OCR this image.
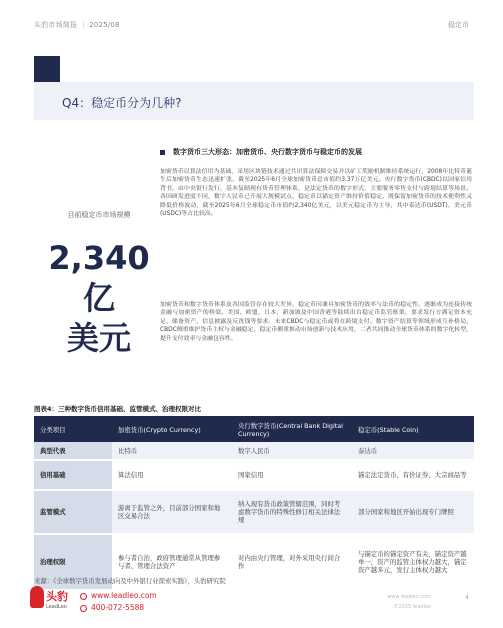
头豹市场简报 ｜ 2025/08	稳定币
Q4：稳定币分为几种?
目前稳定币市场规模
2,340亿
美元
数字货币三大形态：加密货币、央行数字货币与稳定币的发展
加密货币以算法信用为基础，采用区块链技术通过共识算法保障交易并以矿工奖励机制维持系统运行，2008年比特币诞生后加密货币生态迅速扩张，截至2025年6月全球加密货币总市值约3.37万亿美元。央行数字货币(CBDC)以国家信用背书，由中央银行发行，基本复制现有货币管理体系，是法定货币的数字形式，主要服务零售支付与跨境结算等场景。各国研发进度不同，数字人民币已开展大规模试点。稳定币以锚定资产维持价值稳定，既保留加密货币的技术便利性又降低价格波动，截至2025年6月全球稳定币市值约2,340亿美元，以美元稳定币为主导，其中泰达币(USDT)、美元币(USDC)等占比较高。
加密货币和数字货币体系及各国监管存在较大差异，稳定币因兼具加密货币的效率与法币的稳定性，逐渐成为连接传统金融与加密资产的桥梁。美国、欧盟、日本、新加坡及中国香港等陆续出台稳定币监管框架，要求发行方满足资本充足、储备资产、信息披露及反洗钱等要求。未来CBDC与稳定币或将在跨境支付、数字资产结算等领域形成互补格局。CBDC侧重维护货币主权与金融稳定，稳定币侧重推动市场创新与技术应用，二者共同推动全球货币体系的数字化转型，提升支付效率与金融包容性。
图表4：三种数字货币信用基础、监管模式、治理权限对比
分类项目	加密货币(Crypto Currency)	央行数字货币(Central Bank Digital Currency)	稳定币(Stable Coin)
典型代表	比特币	数字人民币	泰达币
信用基础	算法信用	国家信用	锚定法定货币、有价证券、大宗商品等
监管模式	游离于监管之外，目前部分国家和地区交易合法	纳入现有货币政策管辖范围，同时考虑数字货币的特殊性修订相关法律法规	部分国家和地区开始出现专门牌照
治理权限	参与者自治，政府管理通常从管理参与者、管理合法资产	对内由央行管理，对外采用央行间合作	与锚定币的锚定资产有关，锚定资产越单一，资产的监管主体权力越大，锚定资产越多元，发行主体权力越大
来源：《全球数字货币发展动向及中外银行业探索实践》，头豹研究院
头豹
LeadLeo
www.leadleo.com
400-072-5588
www.leadleo.com
©2025 leadleo
4
